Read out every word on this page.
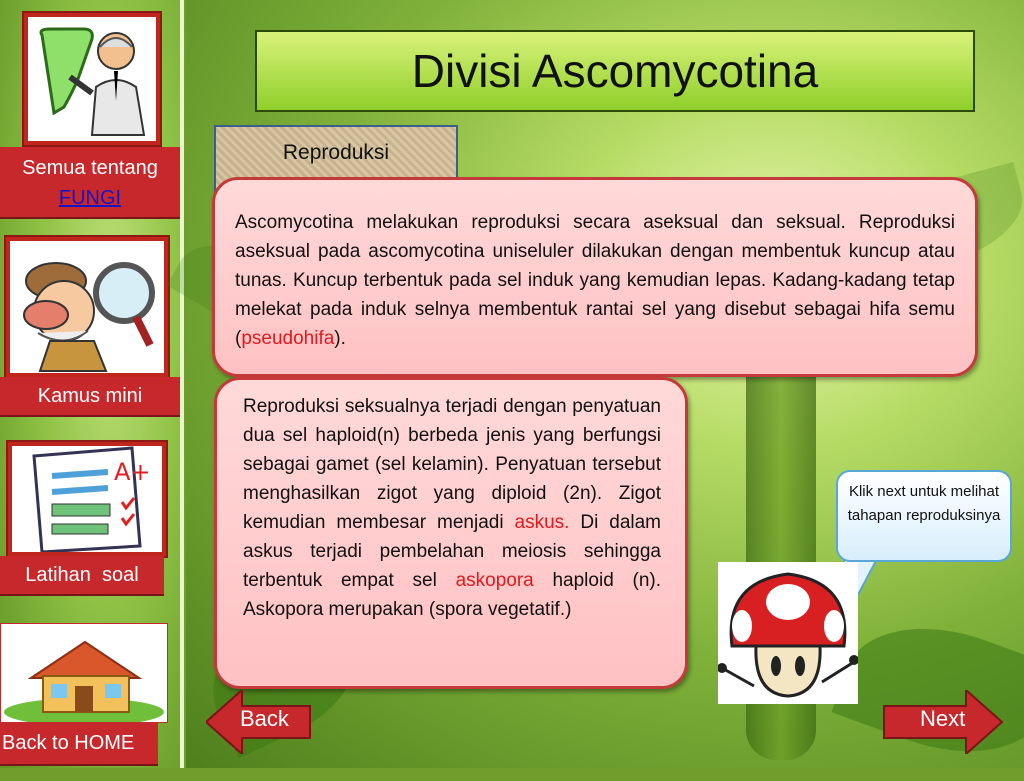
Semua tentang
FUNGI
Kamus mini
A+
Latihan  soal
Back to HOME
Divisi Ascomycotina
Reproduksi
Ascomycotina melakukan reproduksi secara aseksual dan seksual. Reproduksi aseksual pada ascomycotina uniseluler dilakukan dengan membentuk kuncup atau tunas. Kuncup terbentuk pada sel induk yang kemudian lepas. Kadang-kadang tetap melekat pada induk selnya membentuk rantai sel yang disebut sebagai hifa semu (pseudohifa).
Reproduksi seksualnya terjadi dengan penyatuan dua sel haploid(n) berbeda jenis yang berfungsi sebagai gamet (sel kelamin). Penyatuan tersebut menghasilkan zigot yang diploid (2n). Zigot kemudian membesar menjadi askus. Di dalam askus terjadi pembelahan meiosis sehingga terbentuk empat sel askopora haploid (n). Askopora merupakan (spora vegetatif.)
Klik next untuk melihat tahapan reproduksinya
Back	Next
